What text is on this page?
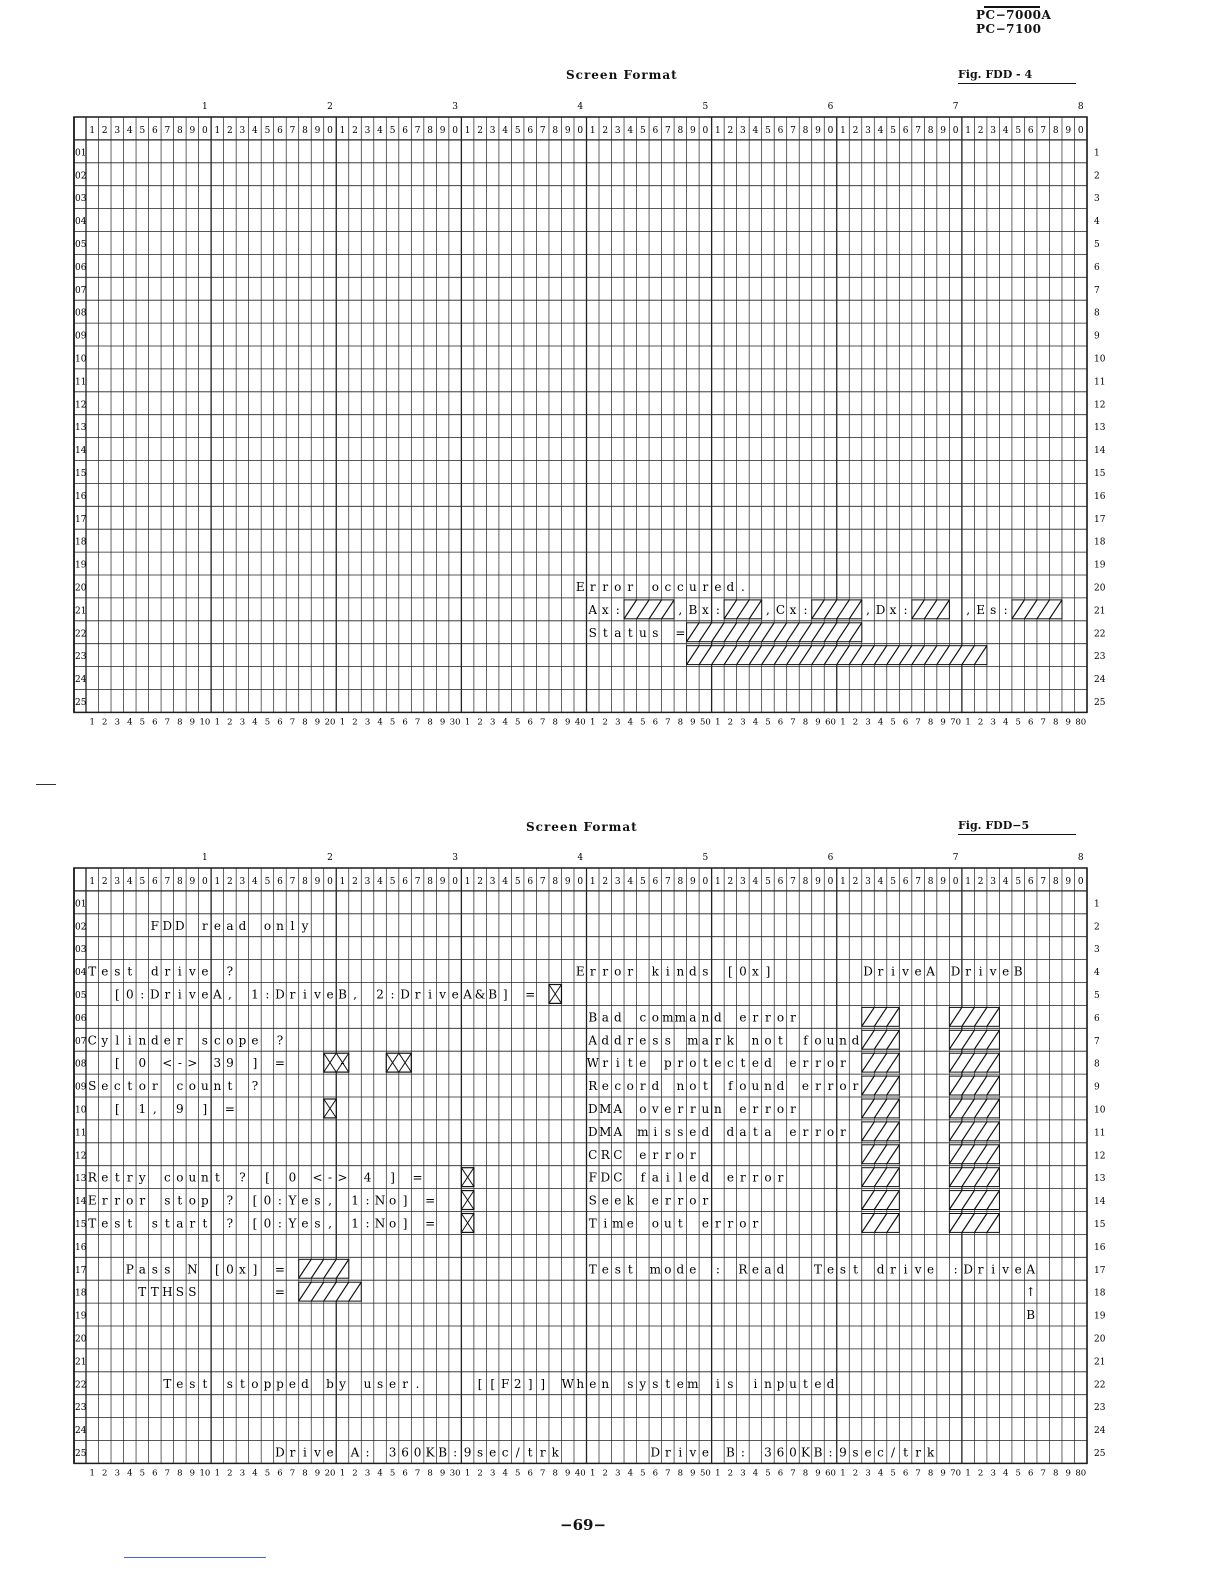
PC−7000A
PC−7100
Screen Format	Fig. FDD - 4
1	2	3	4	5	6	7	8
1
1
2
2
3
3
4
4
5
5
6
6
7
7
8
8
9
9
0
10
1
1
2
2
3
3
4
4
5
5
6
6
7
7
8
8
9
9
0
20
1
1
2
2
3
3
4
4
5
5
6
6
7
7
8
8
9
9
0
30
1
1
2
2
3
3
4
4
5
5
6
6
7
7
8
8
9
9
0
40
1
1
2
2
3
3
4
4
5
5
6
6
7
7
8
8
9
9
0
50
1
1
2
2
3
3
4
4
5
5
6
6
7
7
8
8
9
9
0
60
1
1
2
2
3
3
4
4
5
5
6
6
7
7
8
8
9
9
0
70
1
1
2
2
3
3
4
4
5
5
6
6
7
7
8
8
9
9
0
80
01	1
02	2
03	3
04	4
05	5
06	6
07	7
08	8
09	9
10	10
11	11
12	12
13	13
14	14
15	15
16	16
17	17
18	18
19	19
20	20
21	21
22	22
23	23
24	24
25	25
E r r o r o c c u r e d .
A x :	, B x :	, C x :	, D x :	, E s :
S t a t u s =
Screen Format	Fig. FDD−5
1	2	3	4	5	6	7	8
1
1
2
2
3
3
4
4
5
5
6
6
7
7
8
8
9
9
0
10
1
1
2
2
3
3
4
4
5
5
6
6
7
7
8
8
9
9
0
20
1
1
2
2
3
3
4
4
5
5
6
6
7
7
8
8
9
9
0
30
1
1
2
2
3
3
4
4
5
5
6
6
7
7
8
8
9
9
0
40
1
1
2
2
3
3
4
4
5
5
6
6
7
7
8
8
9
9
0
50
1
1
2
2
3
3
4
4
5
5
6
6
7
7
8
8
9
9
0
60
1
1
2
2
3
3
4
4
5
5
6
6
7
7
8
8
9
9
0
70
1
1
2
2
3
3
4
4
5
5
6
6
7
7
8
8
9
9
0
80
01	1
02	2
03	3
04	4
05	5
06	6
07	7
08	8
09	9
10	10
11	11
12	12
13	13
14	14
15	15
16	16
17	17
18	18
19	19
20	20
21	21
22	22
23	23
24	24
25	25
F D D r e a d o n l y
T e s t d r i v e ?	E r r o r k i n d s [ 0 x ]	D r i v e A D r i v e B
[ 0 : D r i v e A , 1 : D r i v e B , 2 : D r i v e A & B ] =
B a d c o m m a n d e r r o r
C y l i n d e r s c o p e ?	A d d r e s s m a r k n o t f o u n d
[ 0 < - > 3 9 ] =	-	W r i t e p r o t e c t e d e r r o r
S e c t o r c o u n t ?	R e c o r d n o t f o u n d e r r o r
[ 1 , 9 ] =	D M A o v e r r u n e r r o r
D M A m i s s e d d a t a e r r o r
C R C e r r o r
R e t r y c o u n t ? [ 0 < - > 4 ] =	F D C f a i l e d e r r o r
E r r o r s t o p ? [ 0 : Y e s , 1 : N o ] =	S e e k e r r o r
T e s t s t a r t ? [ 0 : Y e s , 1 : N o ] =	T i m e o u t e r r o r
P a s s N [ 0 x ] =	T e s t m o d e : R e a d T e s t d r i v e : D r i v e A
T T H S S	=	↑
B
T e s t s t o p p e d b y u s e r .	[ [ F 2 ] ] W h e n s y s t e m i s i n p u t e d
D r i v e A : 3 6 0 K B : 9 s e c / t r k	D r i v e B : 3 6 0 K B : 9 s e c / t r k
−69−
